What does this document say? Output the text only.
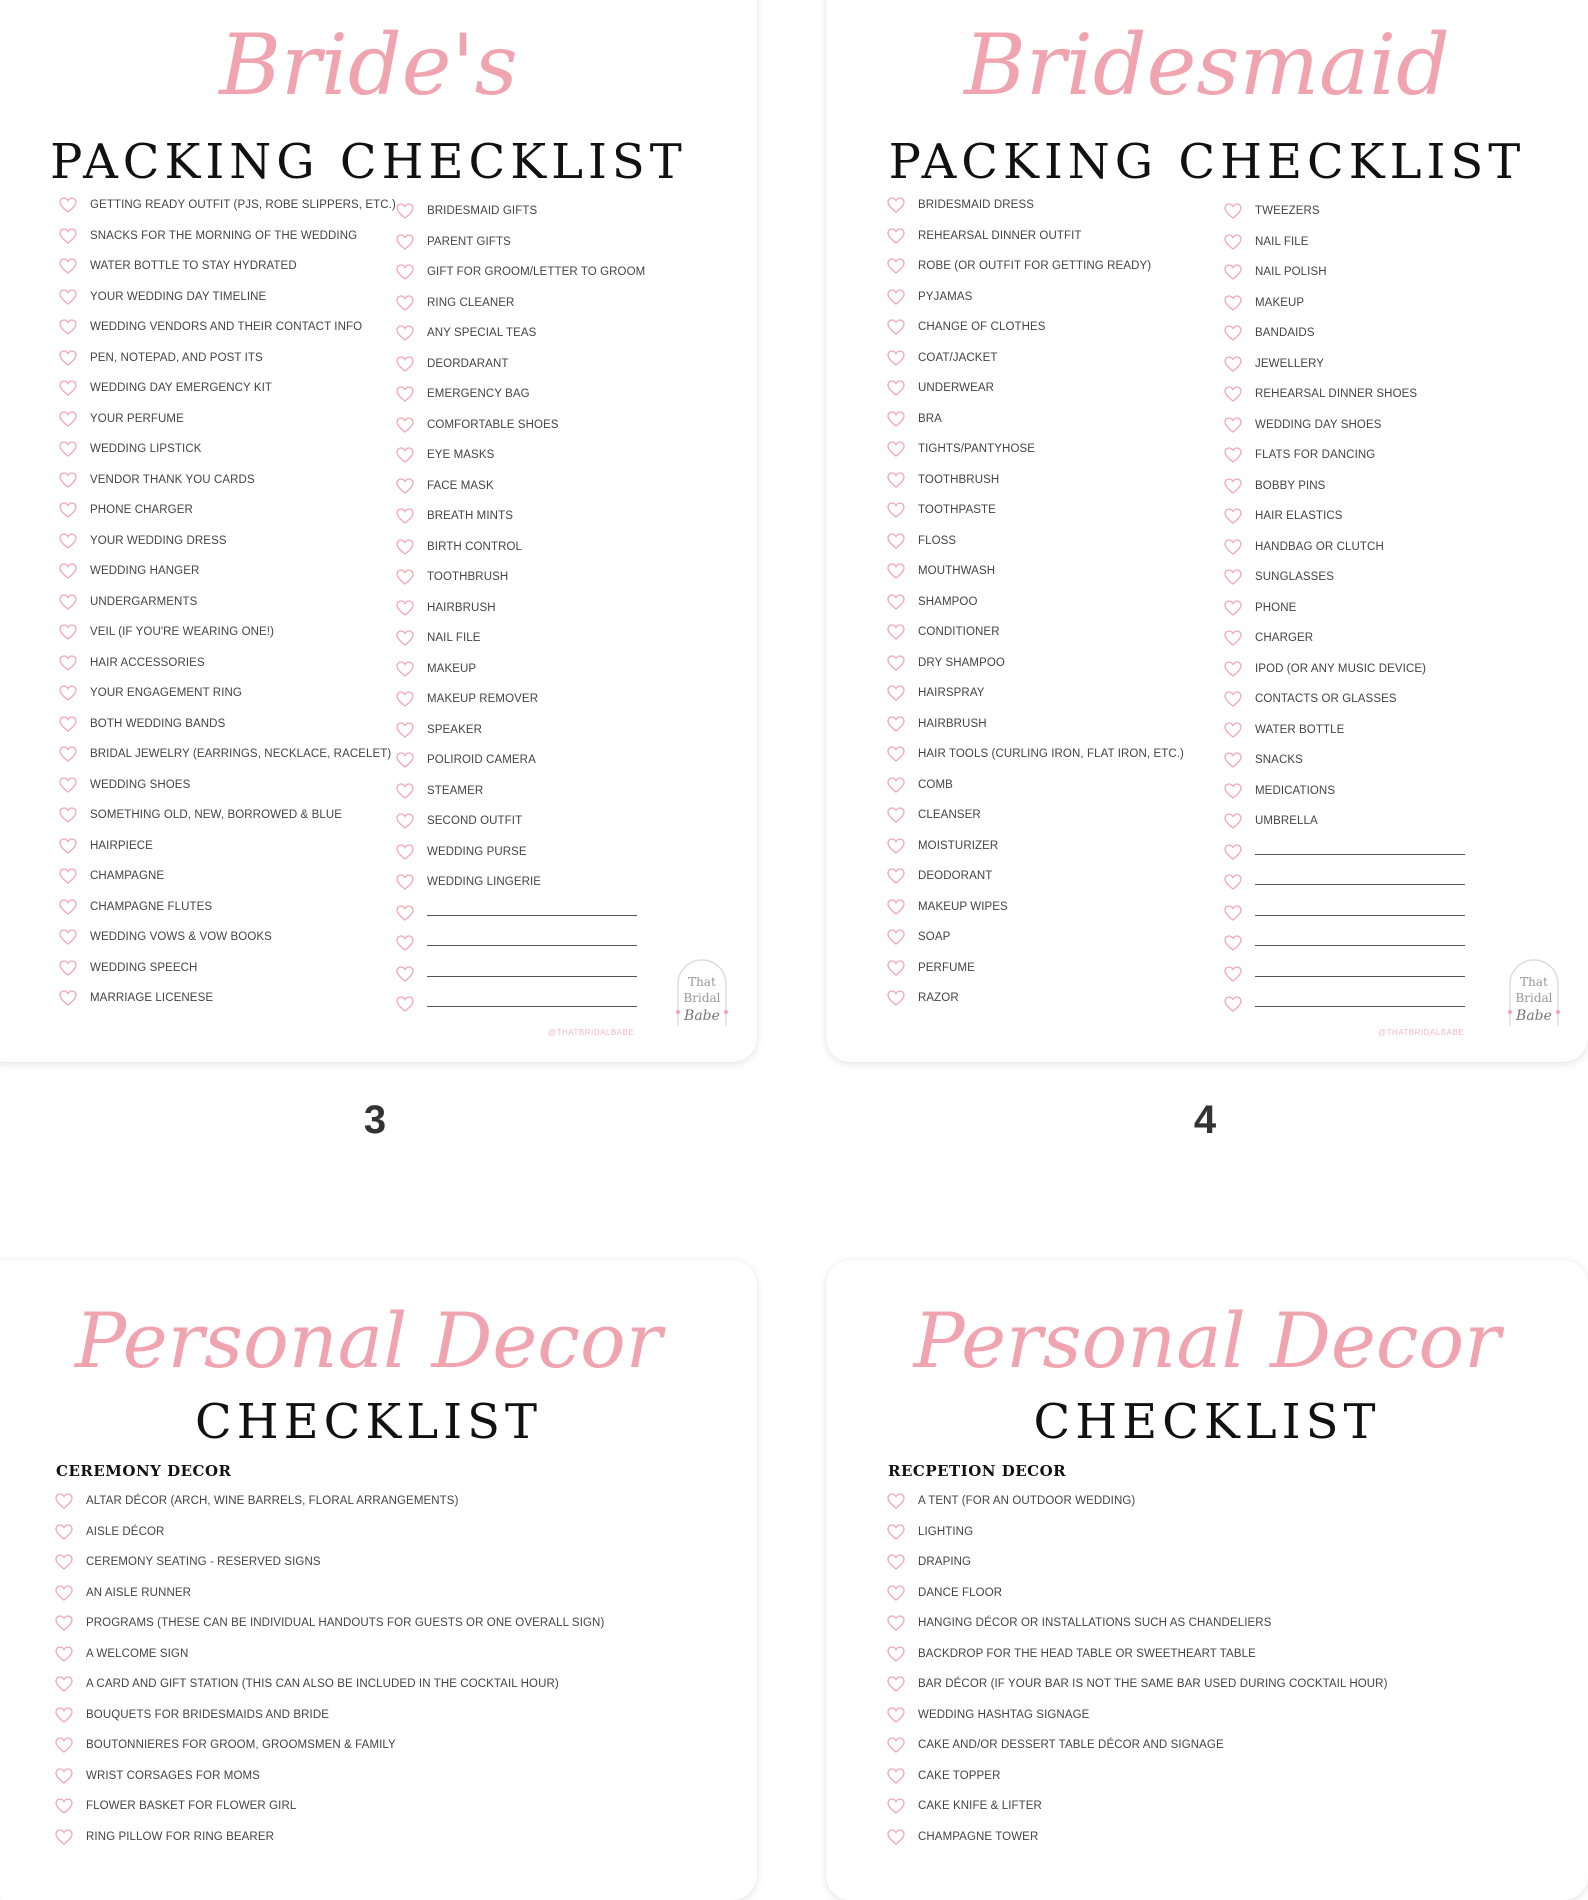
Bride's
PACKING CHECKLIST
GETTING READY OUTFIT (PJS, ROBE SLIPPERS, ETC.)
SNACKS FOR THE MORNING OF THE WEDDING
WATER BOTTLE TO STAY HYDRATED
YOUR WEDDING DAY TIMELINE
WEDDING VENDORS AND THEIR CONTACT INFO
PEN, NOTEPAD, AND POST ITS
WEDDING DAY EMERGENCY KIT
YOUR PERFUME
WEDDING LIPSTICK
VENDOR THANK YOU CARDS
PHONE CHARGER
YOUR WEDDING DRESS
WEDDING HANGER
UNDERGARMENTS
VEIL (IF YOU'RE WEARING ONE!)
HAIR ACCESSORIES
YOUR ENGAGEMENT RING
BOTH WEDDING BANDS
BRIDAL JEWELRY (EARRINGS, NECKLACE, RACELET)
WEDDING SHOES
SOMETHING OLD, NEW, BORROWED & BLUE
HAIRPIECE
CHAMPAGNE
CHAMPAGNE FLUTES
WEDDING VOWS & VOW BOOKS
WEDDING SPEECH
MARRIAGE LICENESE
BRIDESMAID GIFTS
PARENT GIFTS
GIFT FOR GROOM/LETTER TO GROOM
RING CLEANER
ANY SPECIAL TEAS
DEORDARANT
EMERGENCY BAG
COMFORTABLE SHOES
EYE MASKS
FACE MASK
BREATH MINTS
BIRTH CONTROL
TOOTHBRUSH
HAIRBRUSH
NAIL FILE
MAKEUP
MAKEUP REMOVER
SPEAKER
POLIROID CAMERA
STEAMER
SECOND OUTFIT
WEDDING PURSE
WEDDING LINGERIE
@THATBRIDALBABE
That
Bridal
Babe
3
Bridesmaid
PACKING CHECKLIST
BRIDESMAID DRESS
REHEARSAL DINNER OUTFIT
ROBE (OR OUTFIT FOR GETTING READY)
PYJAMAS
CHANGE OF CLOTHES
COAT/JACKET
UNDERWEAR
BRA
TIGHTS/PANTYHOSE
TOOTHBRUSH
TOOTHPASTE
FLOSS
MOUTHWASH
SHAMPOO
CONDITIONER
DRY SHAMPOO
HAIRSPRAY
HAIRBRUSH
HAIR TOOLS (CURLING IRON, FLAT IRON, ETC.)
COMB
CLEANSER
MOISTURIZER
DEODORANT
MAKEUP WIPES
SOAP
PERFUME
RAZOR
TWEEZERS
NAIL FILE
NAIL POLISH
MAKEUP
BANDAIDS
JEWELLERY
REHEARSAL DINNER SHOES
WEDDING DAY SHOES
FLATS FOR DANCING
BOBBY PINS
HAIR ELASTICS
HANDBAG OR CLUTCH
SUNGLASSES
PHONE
CHARGER
IPOD (OR ANY MUSIC DEVICE)
CONTACTS OR GLASSES
WATER BOTTLE
SNACKS
MEDICATIONS
UMBRELLA
@THATBRIDALBABE
That
Bridal
Babe
4
Personal Decor
CHECKLIST
CEREMONY DECOR
ALTAR DÉCOR (ARCH, WINE BARRELS, FLORAL ARRANGEMENTS)
AISLE DÉCOR
CEREMONY SEATING - RESERVED SIGNS
AN AISLE RUNNER
PROGRAMS (THESE CAN BE INDIVIDUAL HANDOUTS FOR GUESTS OR ONE OVERALL SIGN)
A WELCOME SIGN
A CARD AND GIFT STATION (THIS CAN ALSO BE INCLUDED IN THE COCKTAIL HOUR)
BOUQUETS FOR BRIDESMAIDS AND BRIDE
BOUTONNIERES FOR GROOM, GROOMSMEN & FAMILY
WRIST CORSAGES FOR MOMS
FLOWER BASKET FOR FLOWER GIRL
RING PILLOW FOR RING BEARER
Personal Decor
CHECKLIST
RECPETION DECOR
A TENT (FOR AN OUTDOOR WEDDING)
LIGHTING
DRAPING
DANCE FLOOR
HANGING DÉCOR OR INSTALLATIONS SUCH AS CHANDELIERS
BACKDROP FOR THE HEAD TABLE OR SWEETHEART TABLE
BAR DÉCOR (IF YOUR BAR IS NOT THE SAME BAR USED DURING COCKTAIL HOUR)
WEDDING HASHTAG SIGNAGE
CAKE AND/OR DESSERT TABLE DÉCOR AND SIGNAGE
CAKE TOPPER
CAKE KNIFE & LIFTER
CHAMPAGNE TOWER
